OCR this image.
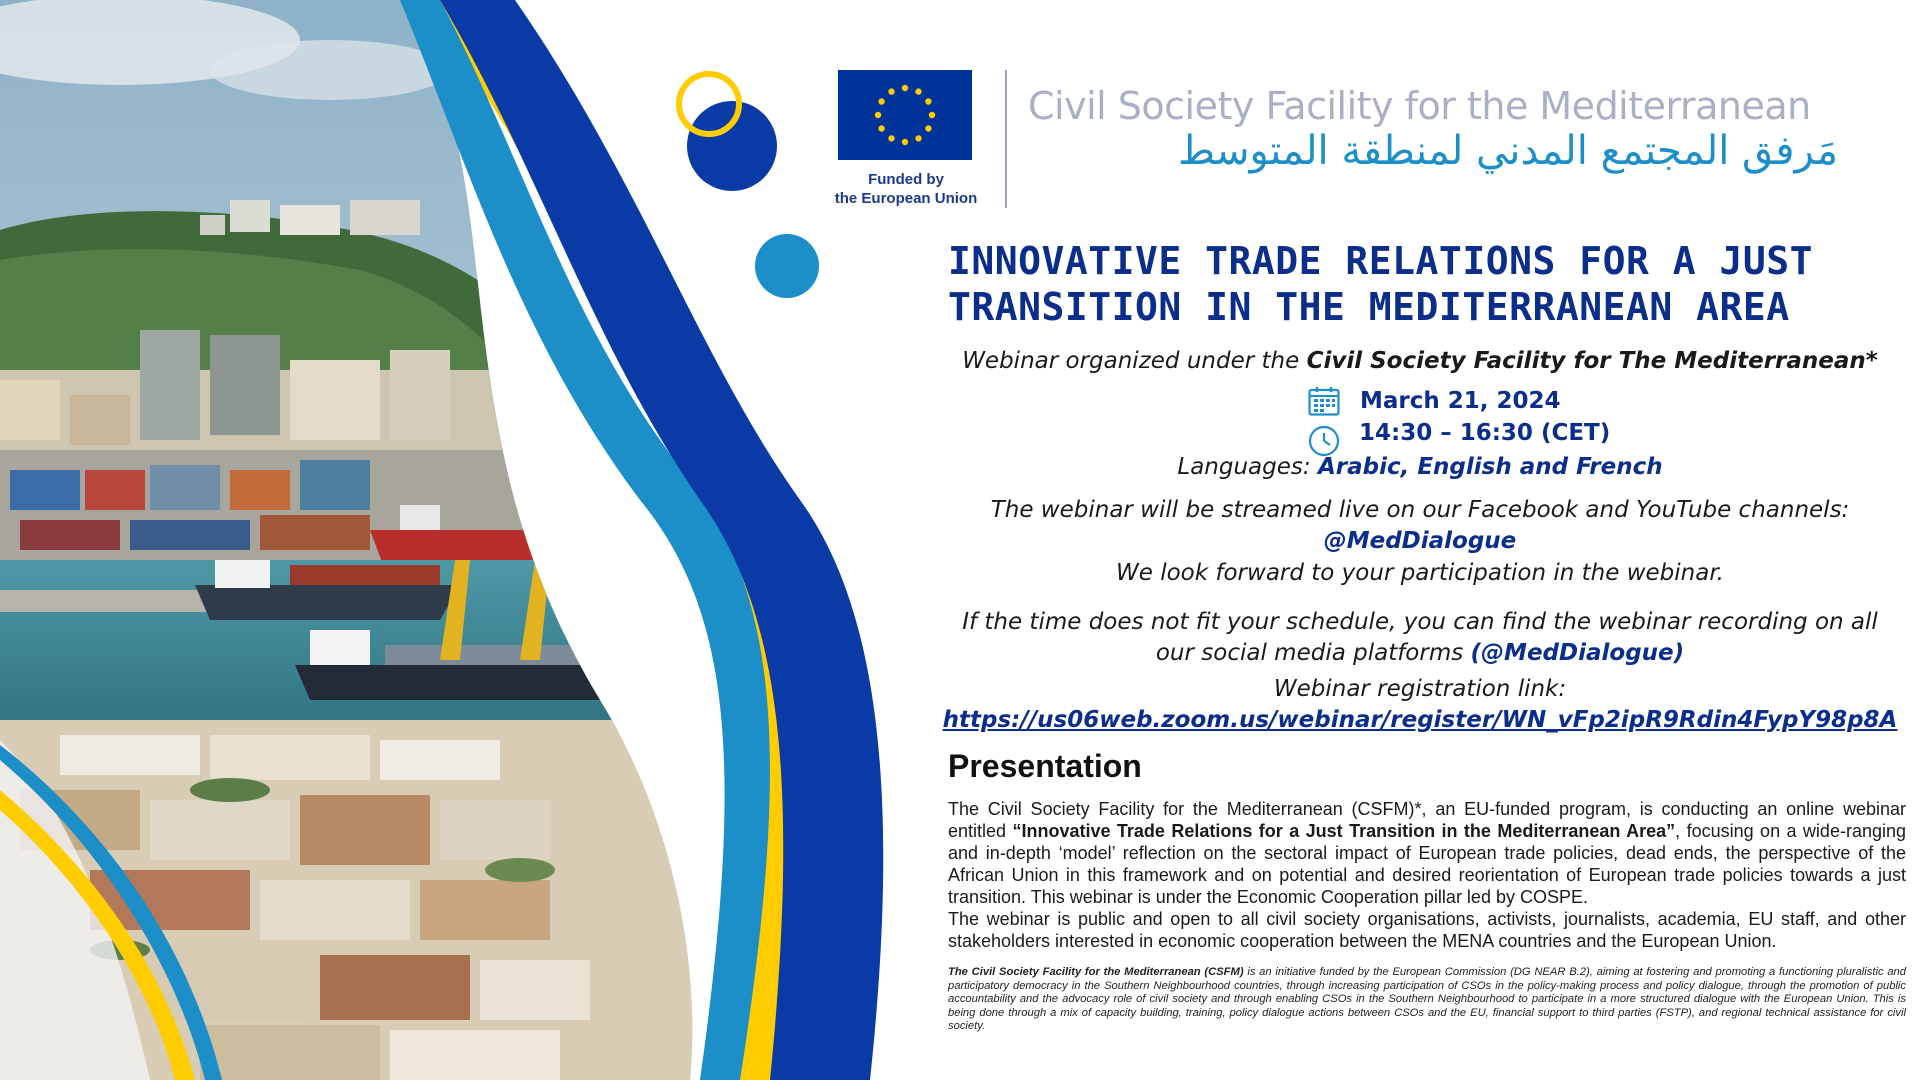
Funded by
the European Union
Civil Society Facility for the Mediterranean
مَرفق المجتمع المدني لمنطقة المتوسط
INNOVATIVE TRADE RELATIONS FOR A JUST
TRANSITION IN THE MEDITERRANEAN AREA
Webinar organized under the Civil Society Facility for The Mediterranean*
March 21, 2024
14:30 – 16:30 (CET)
Languages: Arabic, English and French
The webinar will be streamed live on our Facebook and YouTube channels:
@MedDialogue
We look forward to your participation in the webinar.
If the time does not fit your schedule, you can find the webinar recording on all
our social media platforms (@MedDialogue)
Webinar registration link:
https://us06web.zoom.us/webinar/register/WN_vFp2ipR9Rdin4FypY98p8A
Presentation
The Civil Society Facility for the Mediterranean (CSFM)*, an EU-funded program, is conducting an online webinar entitled “Innovative Trade Relations for a Just Transition in the Mediterranean Area”, focusing on a wide-ranging and in-depth ‘model’ reflection on the sectoral impact of European trade policies, dead ends, the perspective of the African Union in this framework and on potential and desired reorientation of European trade policies towards a just transition. This webinar is under the Economic Cooperation pillar led by COSPE.
The webinar is public and open to all civil society organisations, activists, journalists, academia, EU staff, and other stakeholders interested in economic cooperation between the MENA countries and the European Union.
The Civil Society Facility for the Mediterranean (CSFM) is an initiative funded by the European Commission (DG NEAR B.2), aiming at fostering and promoting a functioning pluralistic and participatory democracy in the Southern Neighbourhood countries, through increasing participation of CSOs in the policy-making process and policy dialogue, through the promotion of public accountability and the advocacy role of civil society and through enabling CSOs in the Southern Neighbourhood to participate in a more structured dialogue with the European Union. This is being done through a mix of capacity building, training, policy dialogue actions between CSOs and the EU, financial support to third parties (FSTP), and regional technical assistance for civil society.
